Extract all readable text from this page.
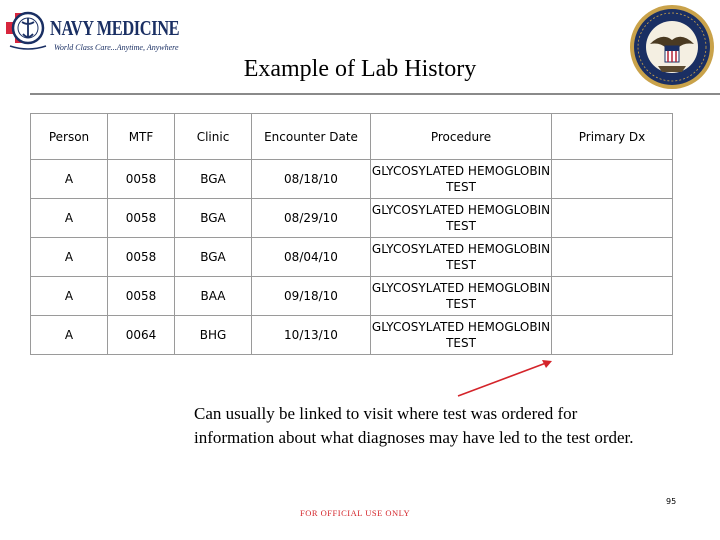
NAVY MEDICINE
World Class Care...Anytime, Anywhere
Example of Lab History
Person	MTF	Clinic	Encounter Date	Procedure	Primary Dx
A	0058	BGA	08/18/10	GLYCOSYLATED HEMOGLOBIN TEST	
A	0058	BGA	08/29/10	GLYCOSYLATED HEMOGLOBIN TEST	
A	0058	BGA	08/04/10	GLYCOSYLATED HEMOGLOBIN TEST	
A	0058	BAA	09/18/10	GLYCOSYLATED HEMOGLOBIN TEST	
A	0064	BHG	10/13/10	GLYCOSYLATED HEMOGLOBIN TEST	
Can usually be linked to visit where test was ordered for information about what diagnoses may have led to the test order.
FOR OFFICIAL USE ONLY
95
